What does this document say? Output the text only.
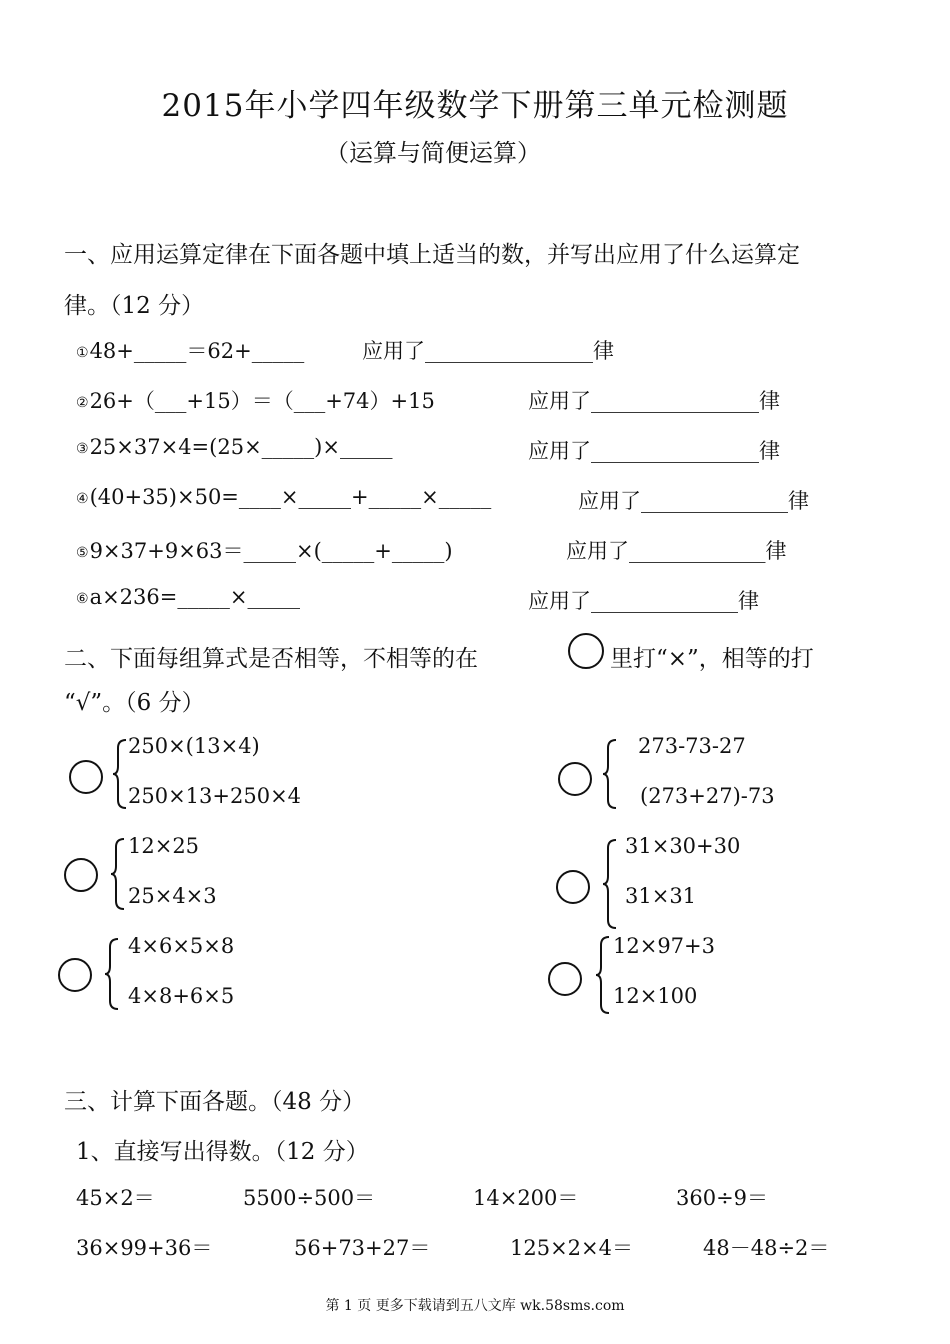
2015年小学四年级数学下册第三单元检测题
（运算与简便运算）
一、应用运算定律在下面各题中填上适当的数，并写出应用了什么运算定
律。（12 分）
①48+_____＝62+_____	应用了________________律
②26+（___+15）＝（___+74）+15	应用了________________律
③25×37×4=(25×_____)×_____	应用了________________律
④(40+35)×50=____×_____+_____×_____	应用了______________律
⑤9×37+9×63＝_____×(_____+_____)	应用了_____________律
⑥a×236=_____×_____	应用了______________律
二、下面每组算式是否相等，不相等的在	里打“×”，相等的打
“√”。（6 分）
250×(13×4)
250×13+250×4
273-73-27
(273+27)-73
12×25
25×4×3
31×30+30
31×31
4×6×5×8
4×8+6×5
12×97+3
12×100
三、计算下面各题。（48 分）
1、直接写出得数。（12 分）
45×2＝	5500÷500＝	14×200＝	360÷9＝
36×99+36＝	56+73+27＝	125×2×4＝	48－48÷2＝
第 1 页 更多下载请到五八文库 wk.58sms.com
